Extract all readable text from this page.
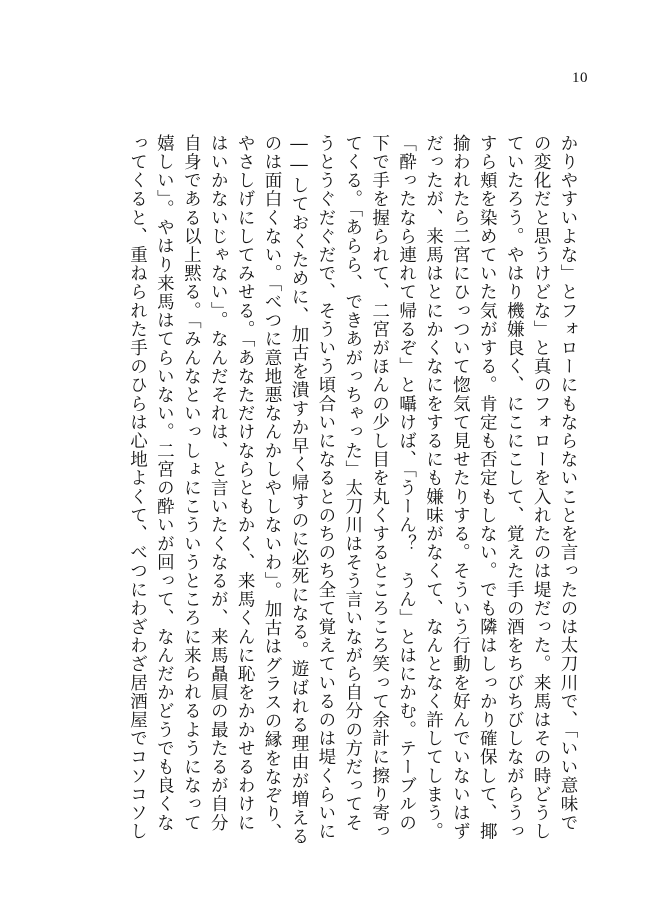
10

かりやすいよな」とフォローにもならないことを言ったのは太刀川で、「いい意味で

の変化だと思うけどな」と真のフォローを入れたのは堤だった。来馬はその時どうし

ていたろう。やはり機嫌良く、にこにこして、覚えた手の酒をちびちびしながらうっ

すら頬を染めていた気がする。肯定も否定もしない。でも隣はしっかり確保して、揶

揄われたら二宮にひっついて惚気て見せたりする。そういう行動を好んでいないはず

だったが、来馬はとにかくなにをするにも嫌味がなくて、なんとなく許してしまう。

「酔ったなら連れて帰るぞ」と囁けば、「うーん？　うん」とはにかむ。テーブルの

下で手を握られて、二宮がほんの少し目を丸くするところころ笑って余計に擦り寄っ

てくる。「あらら、できあがっちゃった」太刀川はそう言いながら自分の方だってそ

うとうぐだぐだで、そういう頃合いになるとのちのち全て覚えているのは堤くらいに

――しておくために、加古を潰すか早く帰すのに必死になる。遊ばれる理由が増える

のは面白くない。「べつに意地悪なんかしやしないわ」。加古はグラスの縁をなぞり、

やさしげにしてみせる。「あなただけならともかく、来馬くんに恥をかかせるわけに

はいかないじゃない」。なんだそれは、と言いたくなるが、来馬贔屓の最たるが自分

自身である以上黙る。「みんなといっしょにこういうところに来られるようになって

嬉しい」。やはり来馬はてらいない。二宮の酔いが回って、なんだかどうでも良くな

ってくると、重ねられた手のひらは心地よくて、べつにわざわざ居酒屋でコソコソし
